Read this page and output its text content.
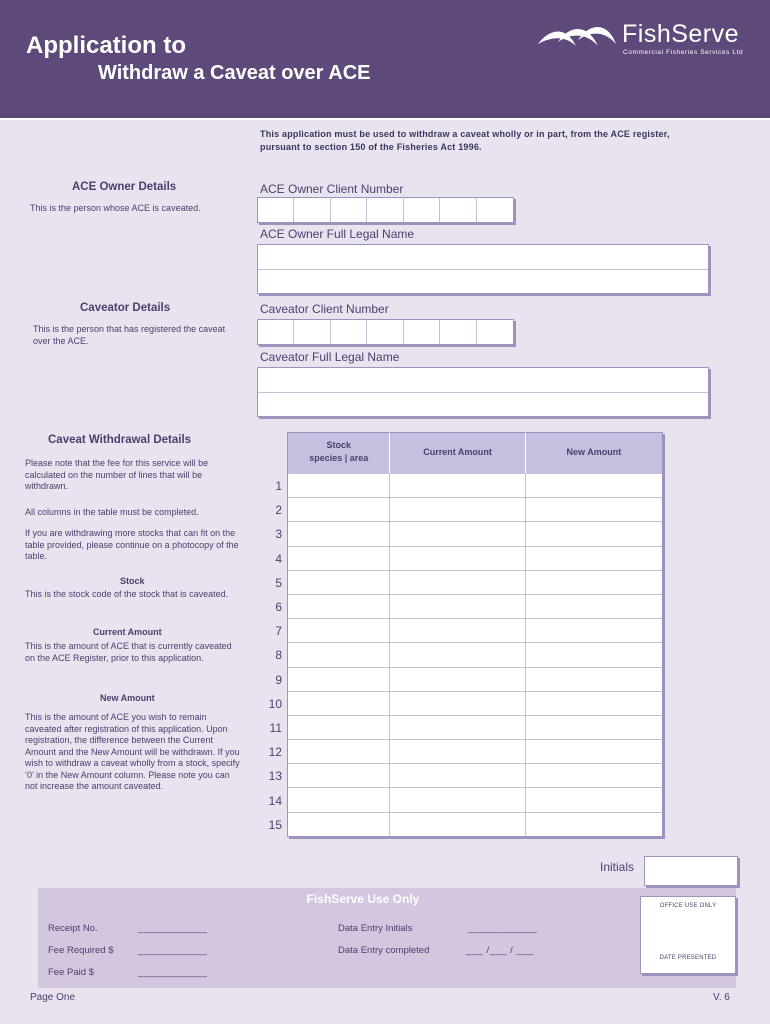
Application to
Withdraw a Caveat over ACE
FishServe
Commercial Fisheries Services Ltd
This application must be used to withdraw a caveat wholly or in part, from the ACE register, pursuant to section 150 of the Fisheries Act 1996.
ACE Owner Details
This is the person whose ACE is caveated.
ACE Owner Client Number
ACE Owner Full Legal Name
Caveator Details
This is the person that has registered the caveat over the ACE.
Caveator Client Number
Caveator Full Legal Name
Caveat Withdrawal Details
Please note that the fee for this service will be calculated on the number of lines that will be withdrawn.
All columns in the table must be completed.
If you are withdrawing more stocks that can fit on the table provided, please continue on a photocopy of the table.
Stock
This is the stock code of the stock that is caveated.
Current Amount
This is the amount of ACE that is currently caveated on the ACE Register, prior to this application.
New Amount
This is the amount of ACE you wish to remain caveated after registration of this application. Upon registration, the difference between the Current Amount and the New Amount will be withdrawn. If you wish to withdraw a caveat wholly from a stock, specify ‘0’ in the New Amount column. Please note you can not increase the amount caveated.
Stock
species | area
Current Amount	New Amount
1
2
3
4
5
6
7
8
9
10
11
12
13
14
15
Initials
FishServe Use Only
Receipt No.	____________
Fee Required $	____________
Fee Paid $	____________
Data Entry Initials	____________
Data Entry completed	___ /___ / ___
OFFICE USE ONLY
DATE PRESENTED
Page One	V. 6
